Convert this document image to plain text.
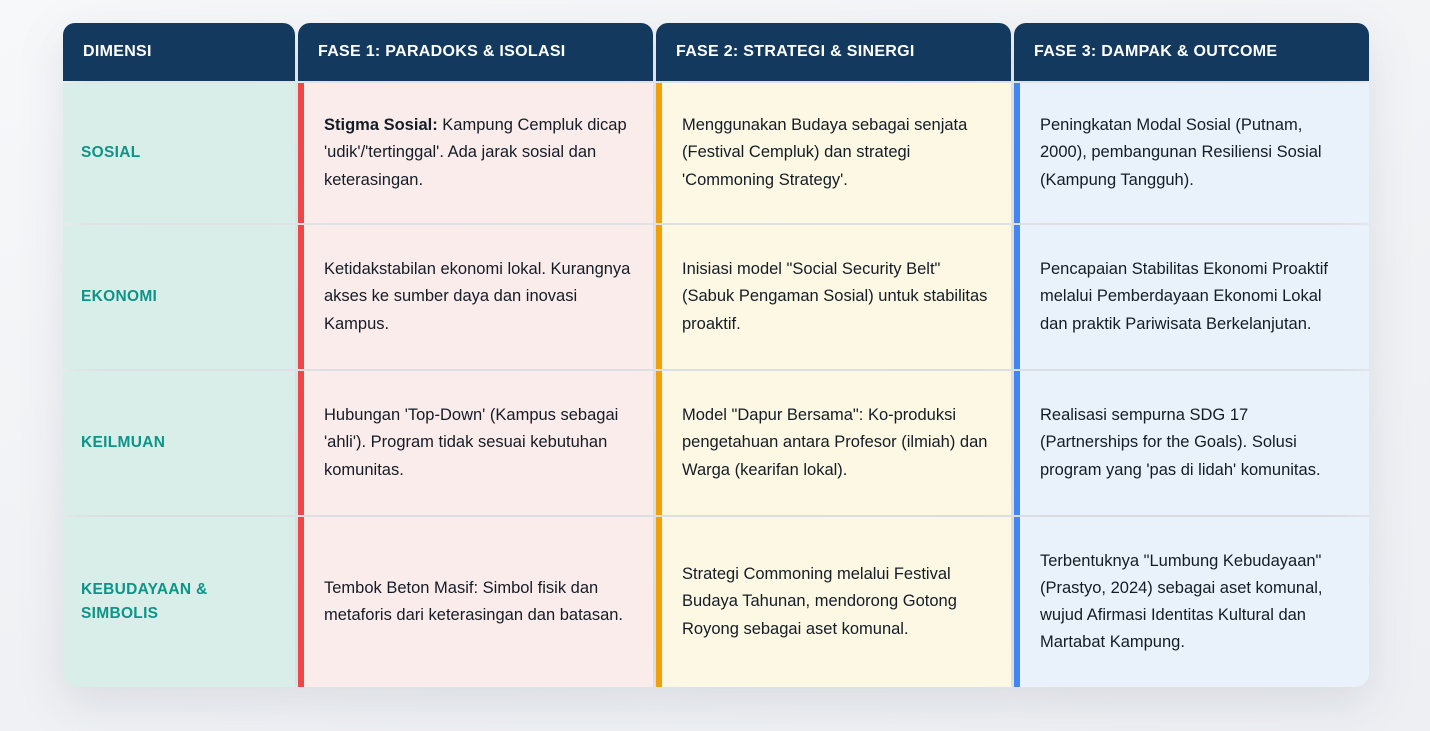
DIMENSI	FASE 1: PARADOKS & ISOLASI	FASE 2: STRATEGI & SINERGI	FASE 3: DAMPAK & OUTCOME
SOSIAL	Stigma Sosial: Kampung Cempluk dicap 'udik'/'tertinggal'. Ada jarak sosial dan keterasingan.	Menggunakan Budaya sebagai senjata (Festival Cempluk) dan strategi 'Commoning Strategy'.	Peningkatan Modal Sosial (Putnam, 2000), pembangunan Resiliensi Sosial (Kampung Tangguh).
EKONOMI	Ketidakstabilan ekonomi lokal. Kurangnya akses ke sumber daya dan inovasi Kampus.	Inisiasi model "Social Security Belt" (Sabuk Pengaman Sosial) untuk stabilitas proaktif.	Pencapaian Stabilitas Ekonomi Proaktif melalui Pemberdayaan Ekonomi Lokal dan praktik Pariwisata Berkelanjutan.
KEILMUAN	Hubungan 'Top-Down' (Kampus sebagai 'ahli'). Program tidak sesuai kebutuhan komunitas.	Model "Dapur Bersama": Ko-produksi pengetahuan antara Profesor (ilmiah) dan Warga (kearifan lokal).	Realisasi sempurna SDG 17 (Partnerships for the Goals). Solusi program yang 'pas di lidah' komunitas.
KEBUDAYAAN & SIMBOLIS	Tembok Beton Masif: Simbol fisik dan metaforis dari keterasingan dan batasan.	Strategi Commoning melalui Festival Budaya Tahunan, mendorong Gotong Royong sebagai aset komunal.	Terbentuknya "Lumbung Kebudayaan" (Prastyo, 2024) sebagai aset komunal, wujud Afirmasi Identitas Kultural dan Martabat Kampung.
